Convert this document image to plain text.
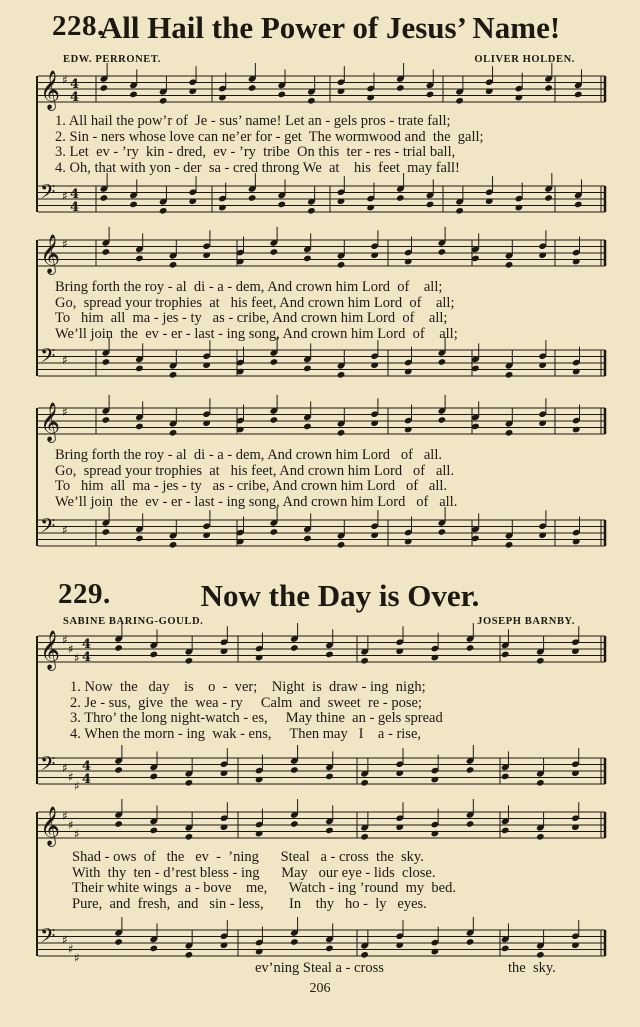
𝄞 ♯ 4
4
𝄢 ♯ 4
4
𝄞 ♯
𝄢 ♯
𝄞 ♯
𝄢 ♯
𝄞 ♯
♯
♯
4
4
𝄢 ♯
♯
♯
4
4
𝄞 ♯
♯
♯
𝄢 ♯
♯
♯
228.
All Hail the Power of Jesus’ Name!
EDW. PERRONET.	OLIVER HOLDEN.
1. All hail the pow’r of  Je - sus’ name! Let an - gels pros - trate fall;
2. Sin - ners whose love can ne’er for - get  The wormwood and  the  gall;
3. Let  ev - ’ry  kin - dred,  ev - ’ry  tribe  On this  ter - res - trial ball,
4. Oh, that with yon - der  sa - cred throng We  at    his  feet  may fall!
Bring forth the roy - al  di - a - dem, And crown him Lord  of    all;
Go,  spread your trophies  at   his feet, And crown him Lord  of    all;
To   him  all  ma - jes - ty   as - cribe, And crown him Lord  of    all;
We’ll join  the  ev - er - last - ing song, And crown him Lord  of    all;
Bring forth the roy - al  di - a - dem, And crown him Lord   of   all.
Go,  spread your trophies  at   his feet, And crown him Lord   of   all.
To   him  all  ma - jes - ty   as - cribe, And crown him Lord   of   all.
We’ll join  the  ev - er - last - ing song, And crown him Lord   of   all.
229.	Now the Day is Over.
SABINE BARING-GOULD.	JOSEPH BARNBY.
1. Now  the   day    is    o  -  ver;    Night  is  draw - ing  nigh;
2. Je - sus,  give  the  wea - ry     Calm  and  sweet  re - pose;
3. Thro’ the long night-watch - es,     May thine  an - gels spread
4. When the morn - ing  wak - ens,     Then may   I    a - rise,
Shad - ows  of   the   ev  -  ’ning      Steal   a - cross  the  sky.
With  thy  ten - d’rest bless - ing      May   our eye - lids  close.
Their white wings  a - bove    me,      Watch - ing ’round  my  bed.
Pure,  and  fresh,  and   sin - less,       In    thy   ho -  ly   eyes.
ev’ning Steal a - cross	the  sky.
206
